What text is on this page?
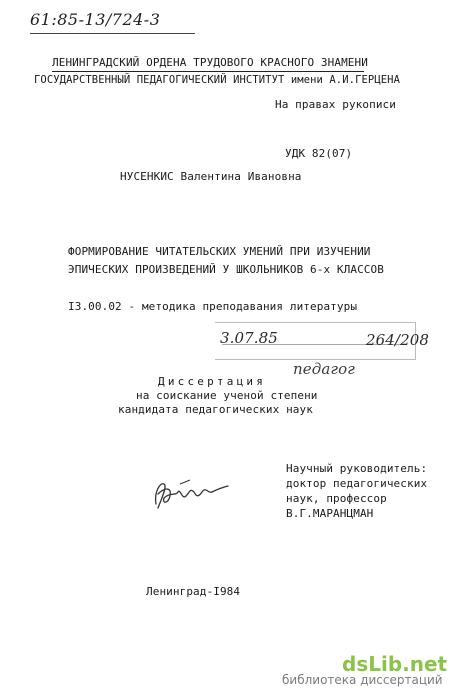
61:85-13/724-3
ЛЕНИНГРАДСКИЙ ОРДЕНА ТРУДОВОГО КРАСНОГО ЗНАМЕНИ
ГОСУДАРСТВЕННЫЙ ПЕДАГОГИЧЕСКИЙ ИНСТИТУТ имени А.И.ГЕРЦЕНА
На правах рукописи
УДК 82(07)
НУСЕНКИС Валентина Ивановна
ФОРМИРОВАНИЕ ЧИТАТЕЛЬСКИХ УМЕНИЙ ПРИ ИЗУЧЕНИИ
ЭПИЧЕСКИХ ПРОИЗВЕДЕНИЙ У ШКОЛЬНИКОВ 6-х КЛАССОВ
I3.00.02 - методика преподавания литературы
3.07.85	264/208
педагог
Диссертация
на соискание ученой степени
кандидата педагогических наук
Научный руководитель:
доктор педагогических
наук, профессор
В.Г.МАРАНЦМАН
Ленинград-I984
dsLib.net
библиотека диссертаций
